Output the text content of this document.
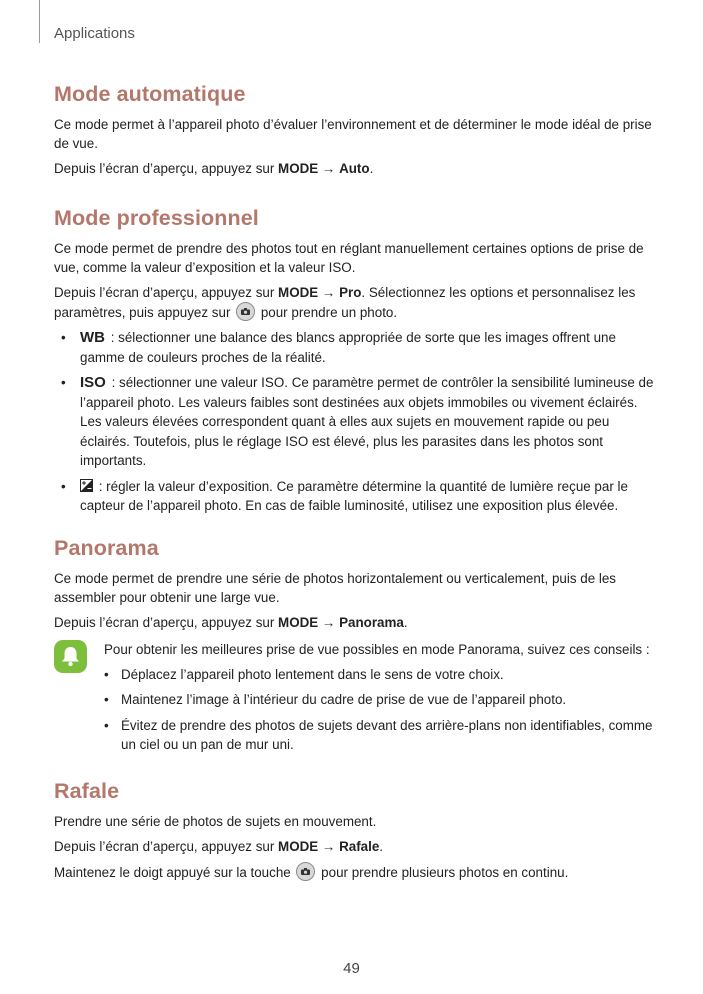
Applications
Mode automatique

Ce mode permet à l’appareil photo d’évaluer l’environnement et de déterminer le mode idéal de prise de vue.

Depuis l’écran d’aperçu, appuyez sur MODE → Auto.

Mode professionnel

Ce mode permet de prendre des photos tout en réglant manuellement certaines options de prise de vue, comme la valeur d’exposition et la valeur ISO.

Depuis l’écran d’aperçu, appuyez sur MODE → Pro. Sélectionnez les options et personnalisez les paramètres, puis appuyez sur
pour prendre un photo.

• WB : sélectionner une balance des blancs appropriée de sorte que les images offrent une gamme de couleurs proches de la réalité.
• ISO : sélectionner une valeur ISO. Ce paramètre permet de contrôler la sensibilité lumineuse de l’appareil photo. Les valeurs faibles sont destinées aux objets immobiles ou vivement éclairés. Les valeurs élevées correspondent quant à elles aux sujets en mouvement rapide ou peu éclairés. Toutefois, plus le réglage ISO est élevé, plus les parasites dans les photos sont importants.
• : régler la valeur d’exposition. Ce paramètre détermine la quantité de lumière reçue par le capteur de l’appareil photo. En cas de faible luminosité, utilisez une exposition plus élevée.
Panorama

Ce mode permet de prendre une série de photos horizontalement ou verticalement, puis de les assembler pour obtenir une large vue.

Depuis l’écran d’aperçu, appuyez sur MODE → Panorama.

Pour obtenir les meilleures prise de vue possibles en mode Panorama, suivez ces conseils :

• Déplacez l’appareil photo lentement dans le sens de votre choix.
• Maintenez l’image à l’intérieur du cadre de prise de vue de l’appareil photo.
• Évitez de prendre des photos de sujets devant des arrière-plans non identifiables, comme un ciel ou un pan de mur uni.
Rafale

Prendre une série de photos de sujets en mouvement.

Depuis l’écran d’aperçu, appuyez sur MODE → Rafale.

Maintenez le doigt appuyé sur la touche
pour prendre plusieurs photos en continu.

49
